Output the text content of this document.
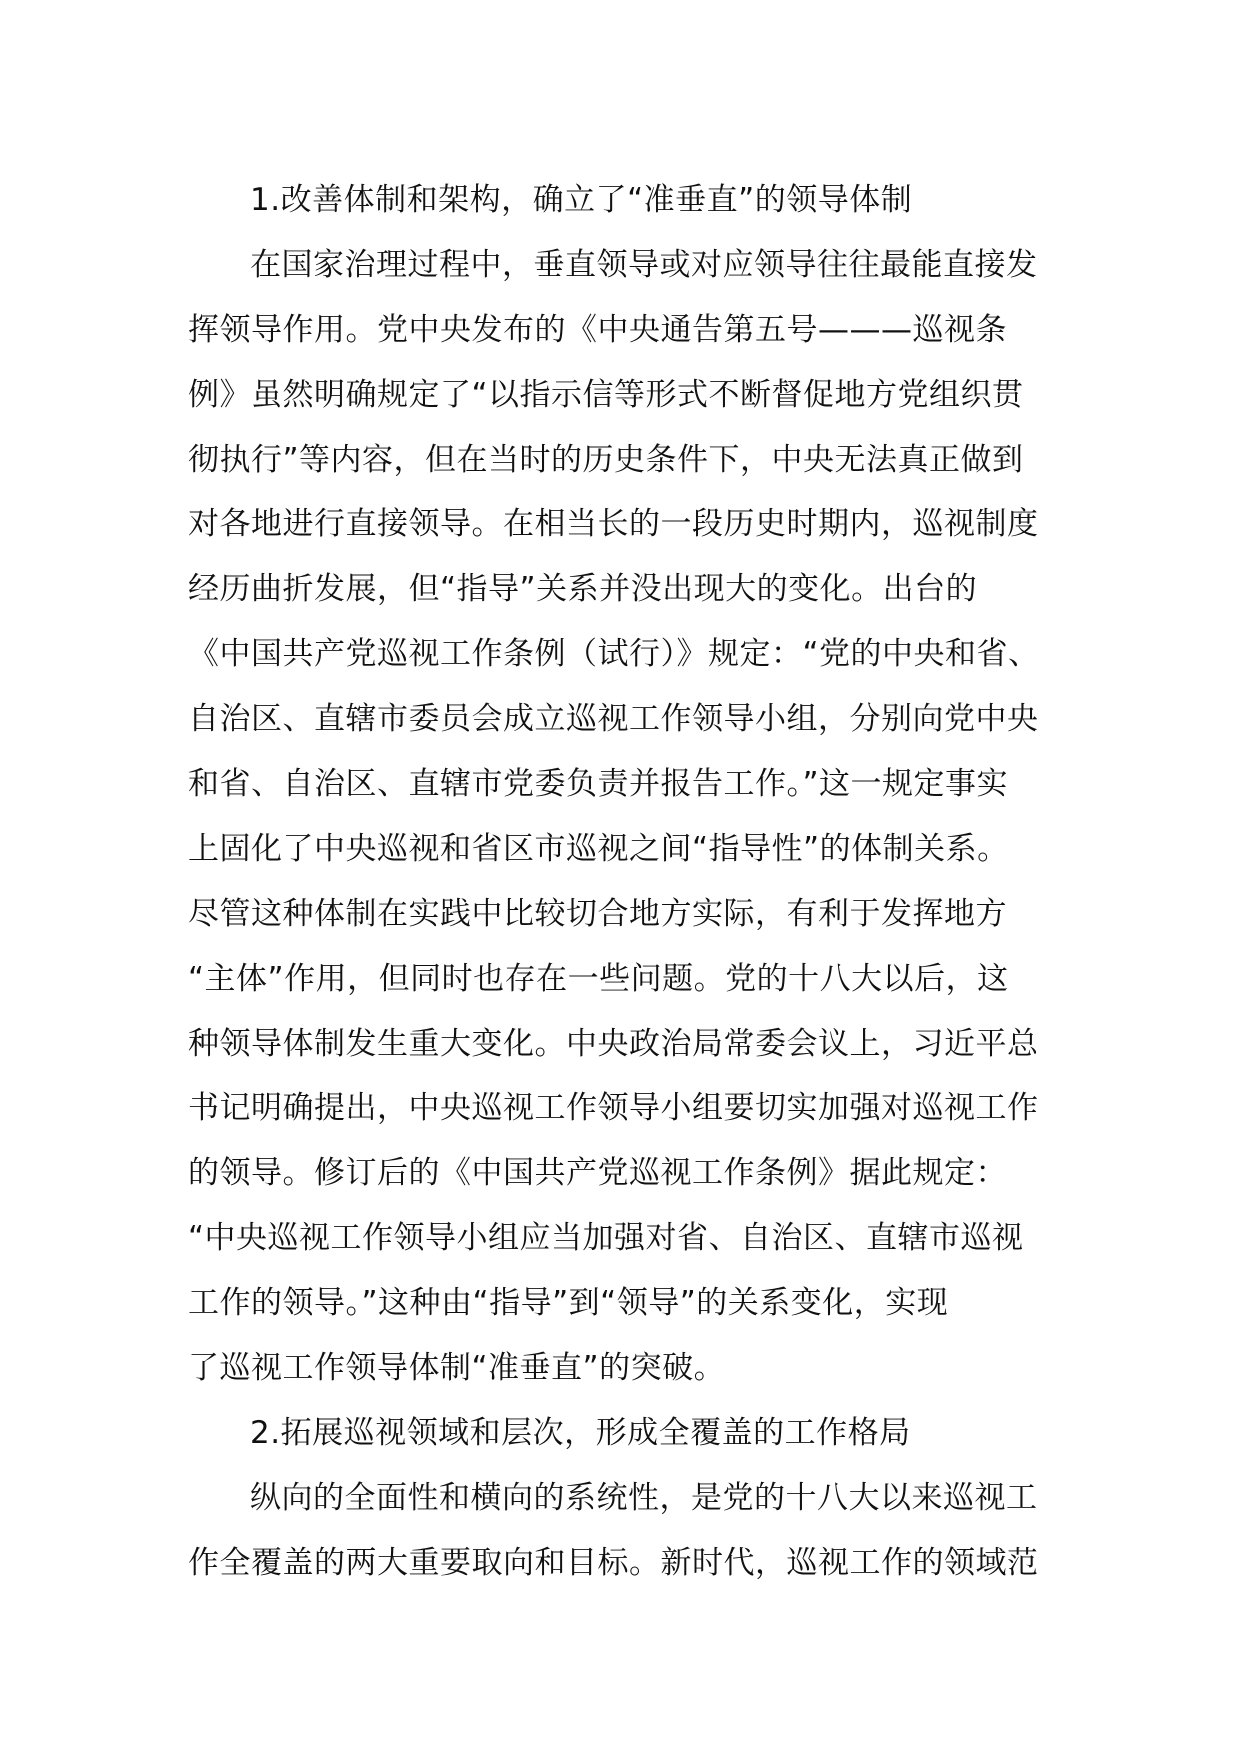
1.改善体制和架构，确立了“准垂直”的领导体制
在国家治理过程中，垂直领导或对应领导往往最能直接发
挥领导作用。党中央发布的《中央通告第五号———巡视条
例》虽然明确规定了“以指示信等形式不断督促地方党组织贯
彻执行”等内容，但在当时的历史条件下，中央无法真正做到
对各地进行直接领导。在相当长的一段历史时期内，巡视制度
经历曲折发展，但“指导”关系并没出现大的变化。出台的
《中国共产党巡视工作条例（试行）》规定：“党的中央和省、
自治区、直辖市委员会成立巡视工作领导小组，分别向党中央
和省、自治区、直辖市党委负责并报告工作。”这一规定事实
上固化了中央巡视和省区市巡视之间“指导性”的体制关系。
尽管这种体制在实践中比较切合地方实际，有利于发挥地方
“主体”作用，但同时也存在一些问题。党的十八大以后，这
种领导体制发生重大变化。中央政治局常委会议上，习近平总
书记明确提出，中央巡视工作领导小组要切实加强对巡视工作
的领导。修订后的《中国共产党巡视工作条例》据此规定：
“中央巡视工作领导小组应当加强对省、自治区、直辖市巡视
工作的领导。”这种由“指导”到“领导”的关系变化，实现
了巡视工作领导体制“准垂直”的突破。
2.拓展巡视领域和层次，形成全覆盖的工作格局
纵向的全面性和横向的系统性，是党的十八大以来巡视工
作全覆盖的两大重要取向和目标。新时代，巡视工作的领域范
